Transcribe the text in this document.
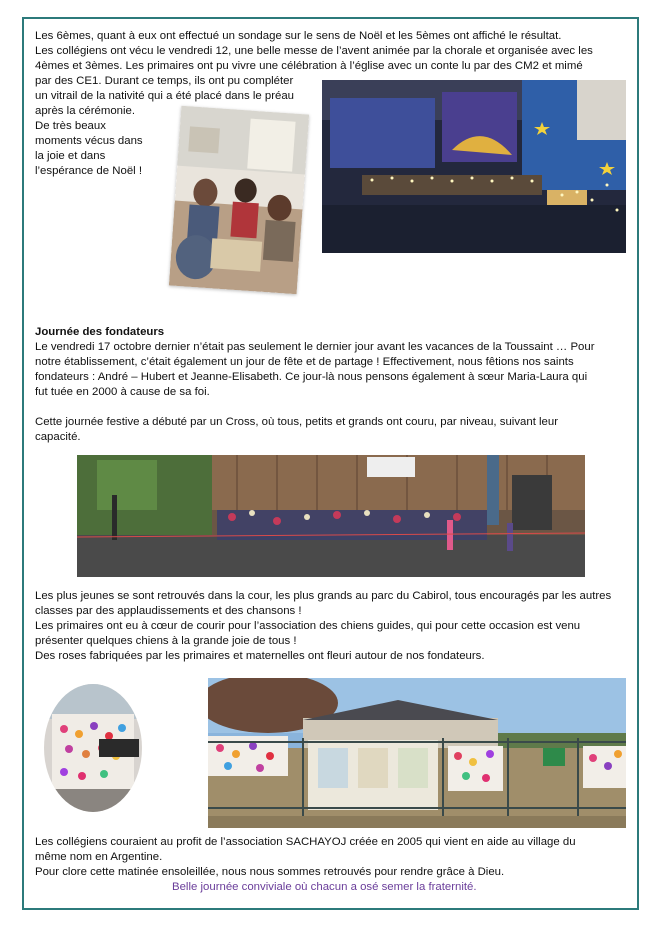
Les 6èmes, quant à eux ont effectué un sondage sur le sens de Noël et les 5èmes ont affiché le résultat.

Les collégiens ont vécu le vendredi 12, une belle messe de l’avent animée par la chorale et organisée avec les

4èmes et 3èmes. Les primaires ont pu vivre une célébration à l’église avec un conte lu par des CM2 et mimé

par des CE1. Durant ce temps, ils ont pu compléter

un vitrail de la nativité qui a été placé dans le préau

après la cérémonie.

De très beaux

moments vécus dans

la joie et dans

l’espérance de Noël !

Journée des fondateurs

Le vendredi 17 octobre dernier n’était pas seulement le dernier jour avant les vacances de la Toussaint … Pour

notre établissement, c’était également un jour de fête et de partage ! Effectivement, nous fêtions nos saints

fondateurs : André – Hubert et Jeanne-Elisabeth. Ce jour-là nous pensons également à sœur Maria-Laura qui

fut tuée en 2000 à cause de sa foi.

Cette journée festive a débuté par un Cross, où tous, petits et grands ont couru, par niveau, suivant leur

capacité.

Les plus jeunes se sont retrouvés dans la cour, les plus grands au parc du Cabirol, tous encouragés par les autres

classes par des applaudissements et des chansons !

Les primaires ont eu à cœur de courir pour l’association des chiens guides, qui pour cette occasion est venu

présenter quelques chiens à la grande joie de tous !

Des roses fabriquées par les primaires et maternelles ont fleuri autour de nos fondateurs.

Les collégiens couraient au profit de l’association SACHAYOJ créée en 2005 qui vient en aide au village du

même nom en Argentine.

Pour clore cette matinée ensoleillée, nous nous sommes retrouvés pour rendre grâce à Dieu.

Belle journée conviviale où chacun a osé semer la fraternité.
